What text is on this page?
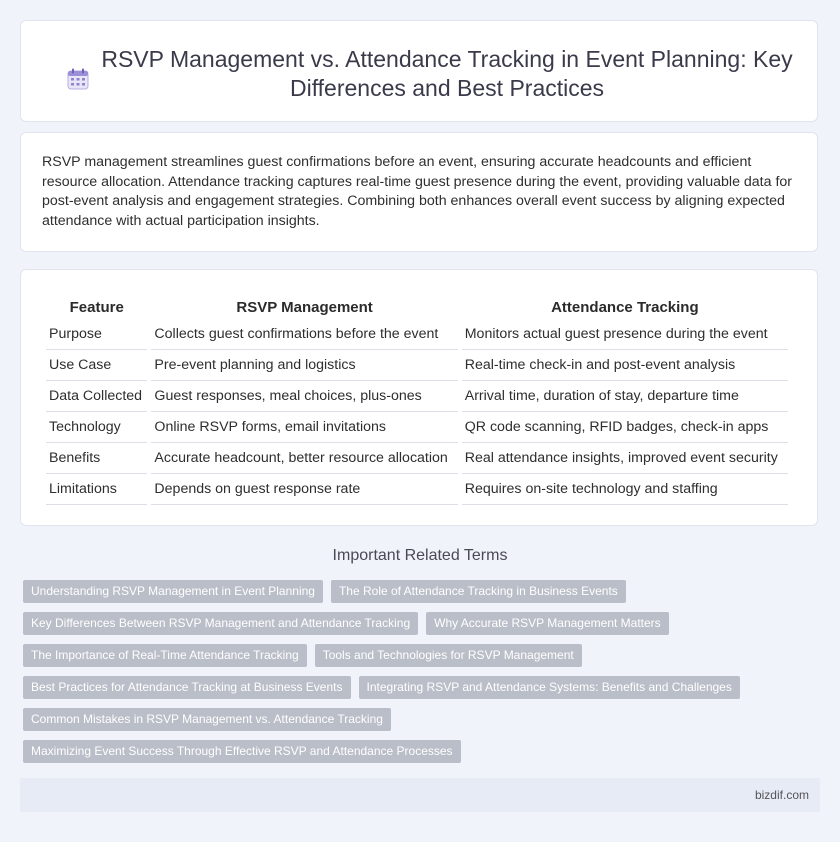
RSVP Management vs. Attendance Tracking in Event Planning: Key Differences and Best Practices
RSVP management streamlines guest confirmations before an event, ensuring accurate headcounts and efficient resource allocation. Attendance tracking captures real-time guest presence during the event, providing valuable data for post-event analysis and engagement strategies. Combining both enhances overall event success by aligning expected attendance with actual participation insights.
Feature	RSVP Management	Attendance Tracking
Purpose	Collects guest confirmations before the event	Monitors actual guest presence during the event
Use Case	Pre-event planning and logistics	Real-time check-in and post-event analysis
Data Collected	Guest responses, meal choices, plus-ones	Arrival time, duration of stay, departure time
Technology	Online RSVP forms, email invitations	QR code scanning, RFID badges, check-in apps
Benefits	Accurate headcount, better resource allocation	Real attendance insights, improved event security
Limitations	Depends on guest response rate	Requires on-site technology and staffing
Important Related Terms
Understanding RSVP Management in Event Planning	The Role of Attendance Tracking in Business Events
Key Differences Between RSVP Management and Attendance Tracking	Why Accurate RSVP Management Matters
The Importance of Real-Time Attendance Tracking	Tools and Technologies for RSVP Management
Best Practices for Attendance Tracking at Business Events	Integrating RSVP and Attendance Systems: Benefits and Challenges
Common Mistakes in RSVP Management vs. Attendance Tracking
Maximizing Event Success Through Effective RSVP and Attendance Processes
bizdif.com
